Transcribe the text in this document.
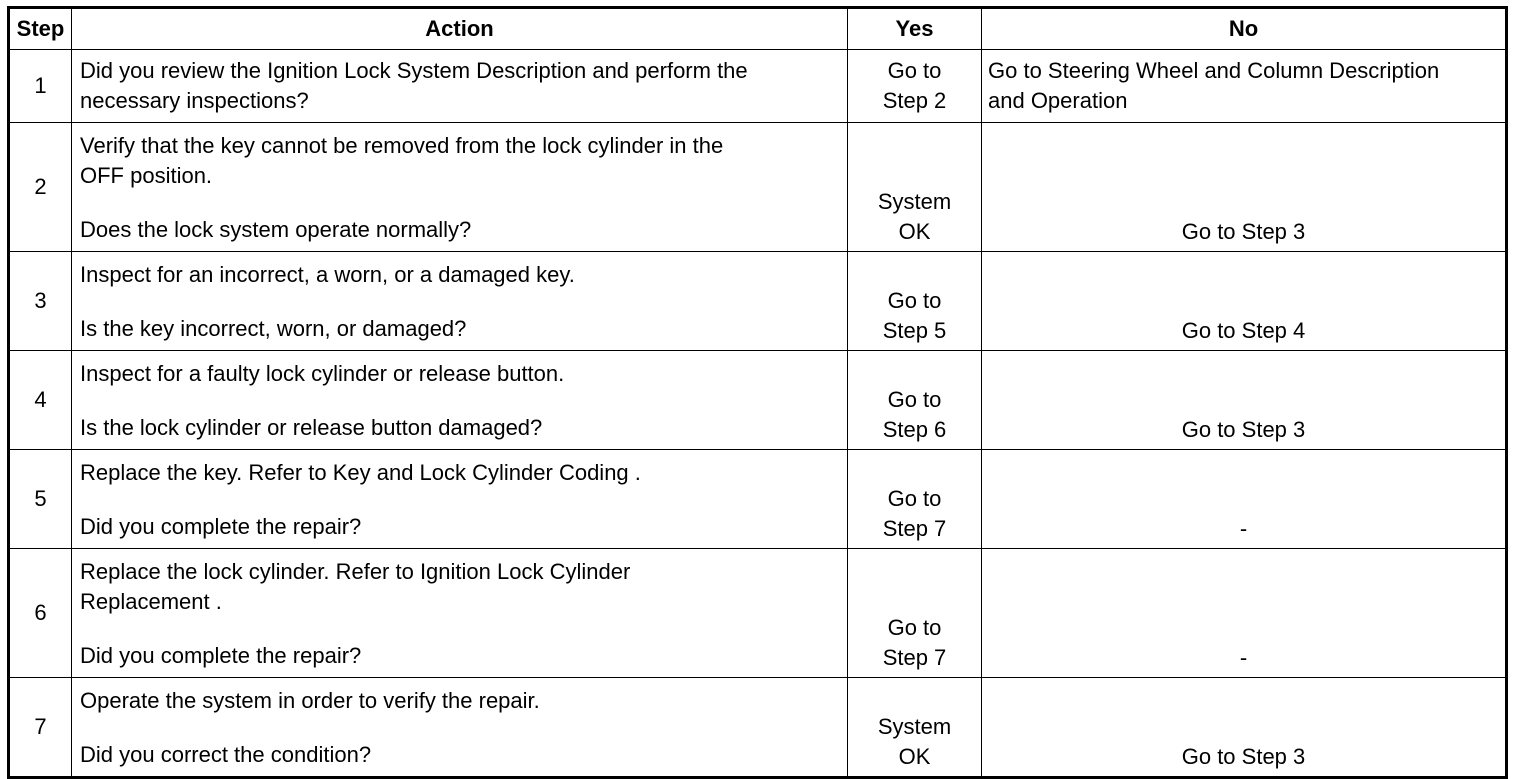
Step	Action	Yes	No
1	Did you review the Ignition Lock System Description and perform the
necessary inspections?	Go to
Step 2	Go to Steering Wheel and Column Description
and Operation

2	Verify that the key cannot be removed from the lock cylinder in the
OFF position.
Does the lock system operate normally?	System
OK	Go to Step 3

3	Inspect for an incorrect, a worn, or a damaged key.
Is the key incorrect, worn, or damaged?	Go to
Step 5	Go to Step 4

4	Inspect for a faulty lock cylinder or release button.
Is the lock cylinder or release button damaged?	Go to
Step 6	Go to Step 3

5	Replace the key. Refer to Key and Lock Cylinder Coding .
Did you complete the repair?	Go to
Step 7	-

6	Replace the lock cylinder. Refer to Ignition Lock Cylinder
Replacement .
Did you complete the repair?	Go to
Step 7	-

7	Operate the system in order to verify the repair.
Did you correct the condition?	System
OK	Go to Step 3
